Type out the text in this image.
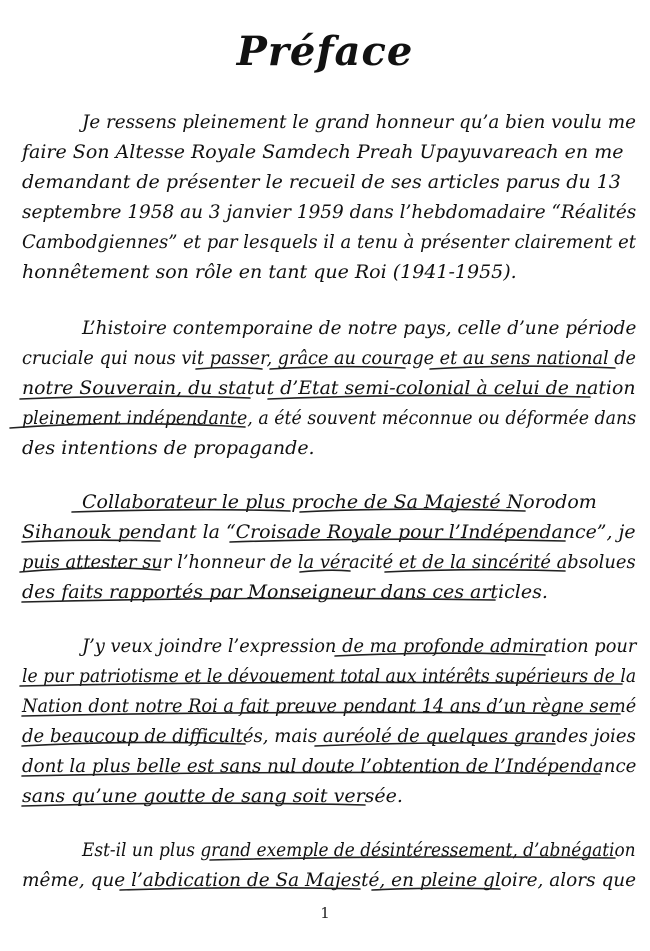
Préface
Je ressens pleinement le grand honneur qu’a bien voulu me
faire Son Altesse Royale Samdech Preah Upayuvareach en me
demandant de présenter le recueil de ses articles parus du 13
septembre 1958 au 3 janvier 1959 dans l’hebdomadaire “Réalités
Cambodgiennes” et par lesquels il a tenu à présenter clairement et
honnêtement son rôle en tant que Roi (1941-1955).
L’histoire contemporaine de notre pays, celle d’une période
cruciale qui nous vit passer, grâce au courage et au sens national de
notre Souverain, du statut d’Etat semi-colonial à celui de nation
pleinement indépendante, a été souvent méconnue ou déformée dans
des intentions de propagande.
Collaborateur le plus proche de Sa Majesté Norodom
Sihanouk pendant la “Croisade Royale pour l’Indépendance”, je
puis attester sur l’honneur de la véracité et de la sincérité absolues
des faits rapportés par Monseigneur dans ces articles.
J’y veux joindre l’expression de ma profonde admiration pour
le pur patriotisme et le dévouement total aux intérêts supérieurs de la
Nation dont notre Roi a fait preuve pendant 14 ans d’un règne semé
de beaucoup de difficultés, mais auréolé de quelques grandes joies
dont la plus belle est sans nul doute l’obtention de l’Indépendance
sans qu’une goutte de sang soit versée.
Est-il un plus grand exemple de désintéressement, d’abnégation
même, que l’abdication de Sa Majesté, en pleine gloire, alors que
1
